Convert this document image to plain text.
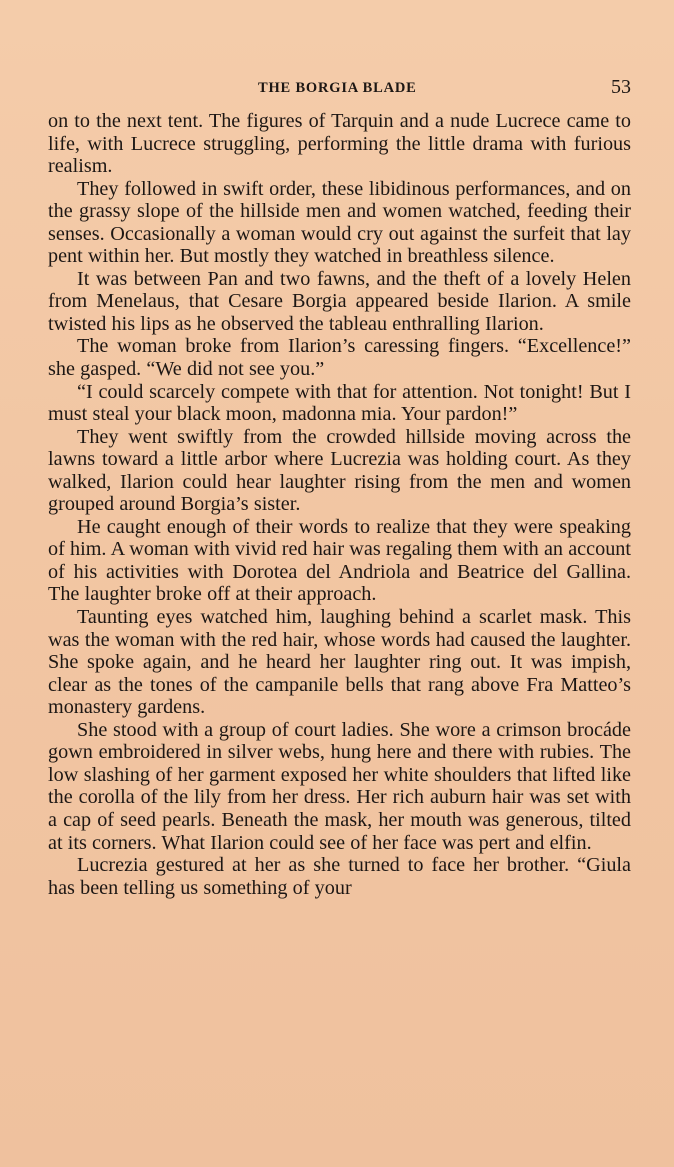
THE BORGIA BLADE	53

on to the next tent. The figures of Tarquin and a nude Lucrece came to life, with Lucrece struggling, performing the little drama with furious realism.

They followed in swift order, these libidinous performances, and on the grassy slope of the hillside men and women watched, feeding their senses. Occasionally a woman would cry out against the surfeit that lay pent within her. But mostly they watched in breathless silence.

It was between Pan and two fawns, and the theft of a lovely Helen from Menelaus, that Cesare Borgia appeared beside Ilarion. A smile twisted his lips as he observed the tableau enthralling Ilarion.

The woman broke from Ilarion’s caressing fingers. “Excellence!” she gasped. “We did not see you.”

“I could scarcely compete with that for attention. Not tonight! But I must steal your black moon, madonna mia. Your pardon!”

They went swiftly from the crowded hillside moving across the lawns toward a little arbor where Lucrezia was holding court. As they walked, Ilarion could hear laughter rising from the men and women grouped around Borgia’s sister.

He caught enough of their words to realize that they were speaking of him. A woman with vivid red hair was regaling them with an account of his activities with Dorotea del Andriola and Beatrice del Gallina. The laughter broke off at their approach.

Taunting eyes watched him, laughing behind a scarlet mask. This was the woman with the red hair, whose words had caused the laughter. She spoke again, and he heard her laughter ring out. It was impish, clear as the tones of the campanile bells that rang above Fra Matteo’s monastery gardens.

She stood with a group of court ladies. She wore a crimson brocáde gown embroidered in silver webs, hung here and there with rubies. The low slashing of her garment exposed her white shoulders that lifted like the corolla of the lily from her dress. Her rich auburn hair was set with a cap of seed pearls. Beneath the mask, her mouth was generous, tilted at its corners. What Ilarion could see of her face was pert and elfin.

Lucrezia gestured at her as she turned to face her brother. “Giula has been telling us something of your
